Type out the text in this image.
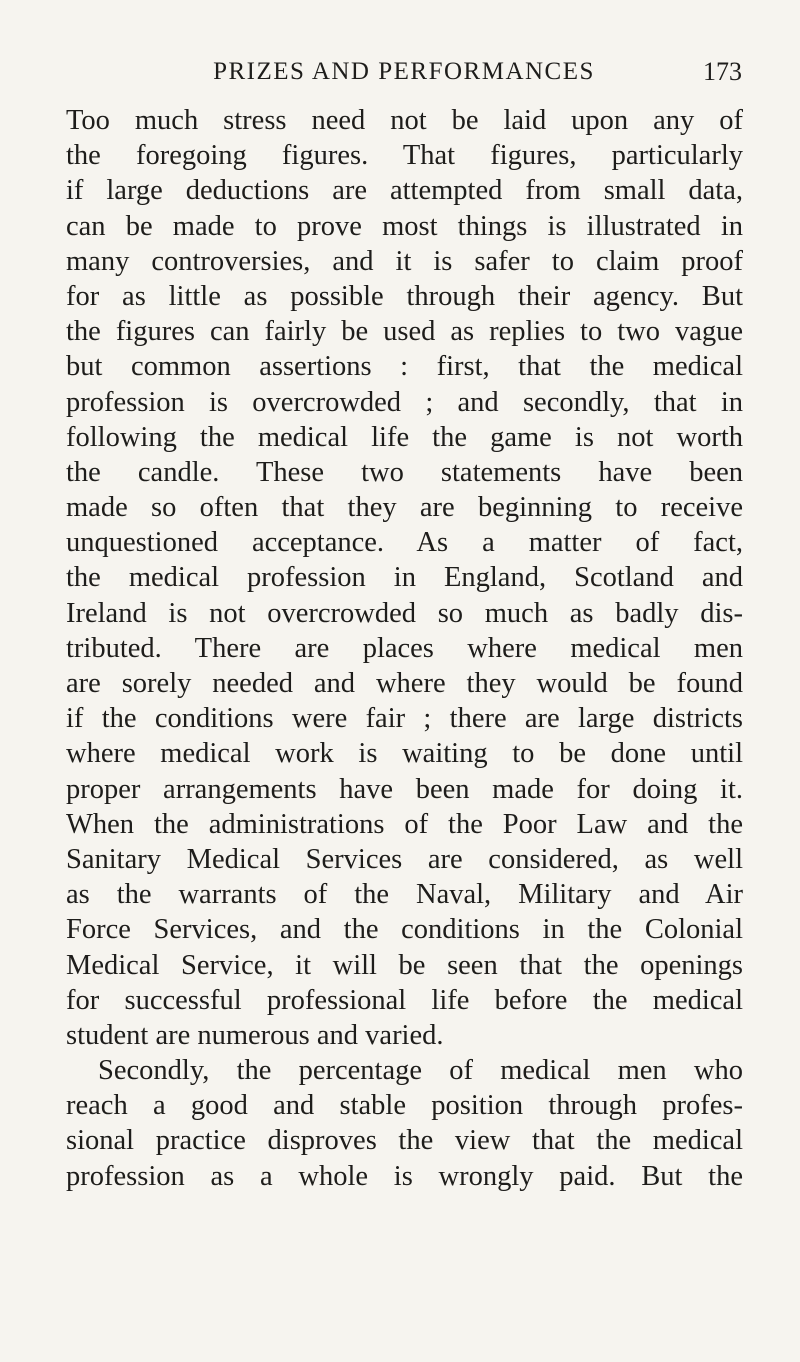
PRIZES AND PERFORMANCES	173
Too much stress need not be laid upon any of
the foregoing figures. That figures, particularly
if large deductions are attempted from small data,
can be made to prove most things is illustrated in
many controversies, and it is safer to claim proof
for as little as possible through their agency. But
the figures can fairly be used as replies to two vague
but common assertions : first, that the medical
profession is overcrowded ; and secondly, that in
following the medical life the game is not worth
the candle. These two statements have been
made so often that they are beginning to receive
unquestioned acceptance. As a matter of fact,
the medical profession in England, Scotland and
Ireland is not overcrowded so much as badly dis-
tributed. There are places where medical men
are sorely needed and where they would be found
if the conditions were fair ; there are large districts
where medical work is waiting to be done until
proper arrangements have been made for doing it.
When the administrations of the Poor Law and the
Sanitary Medical Services are considered, as well
as the warrants of the Naval, Military and Air
Force Services, and the conditions in the Colonial
Medical Service, it will be seen that the openings
for successful professional life before the medical
student are numerous and varied.
Secondly, the percentage of medical men who
reach a good and stable position through profes-
sional practice disproves the view that the medical
profession as a whole is wrongly paid. But the
